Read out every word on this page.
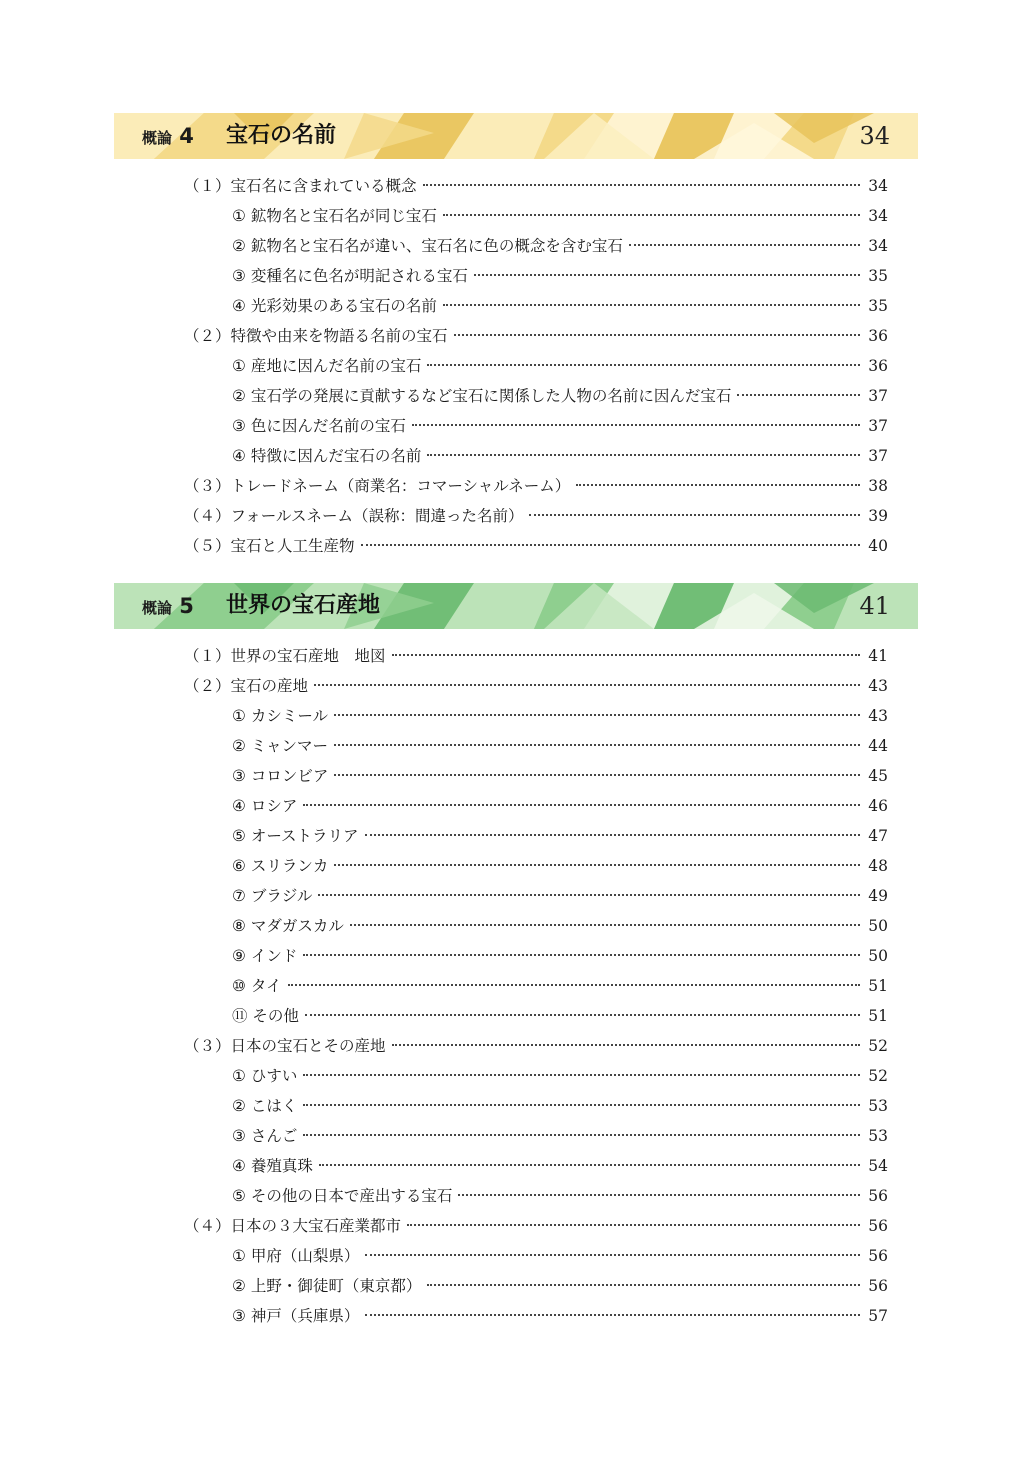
概論 4 宝石の名前	34
（１）宝石名に含まれている概念	34
① 鉱物名と宝石名が同じ宝石	34
② 鉱物名と宝石名が違い、宝石名に色の概念を含む宝石	34
③ 変種名に色名が明記される宝石	35
④ 光彩効果のある宝石の名前	35
（２）特徴や由来を物語る名前の宝石	36
① 産地に因んだ名前の宝石	36
② 宝石学の発展に貢献するなど宝石に関係した人物の名前に因んだ宝石	37
③ 色に因んだ名前の宝石	37
④ 特徴に因んだ宝石の名前	37
（３）トレードネーム（商業名：コマーシャルネーム）	38
（４）フォールスネーム（誤称：間違った名前）	39
（５）宝石と人工生産物	40
概論 5 世界の宝石産地	41
（１）世界の宝石産地　地図	41
（２）宝石の産地	43
① カシミール	43
② ミャンマー	44
③ コロンビア	45
④ ロシア	46
⑤ オーストラリア	47
⑥ スリランカ	48
⑦ ブラジル	49
⑧ マダガスカル	50
⑨ インド	50
⑩ タイ	51
⑪ その他	51
（３）日本の宝石とその産地	52
① ひすい	52
② こはく	53
③ さんご	53
④ 養殖真珠	54
⑤ その他の日本で産出する宝石	56
（４）日本の３大宝石産業都市	56
① 甲府（山梨県）	56
② 上野・御徒町（東京都）	56
③ 神戸（兵庫県）	57
